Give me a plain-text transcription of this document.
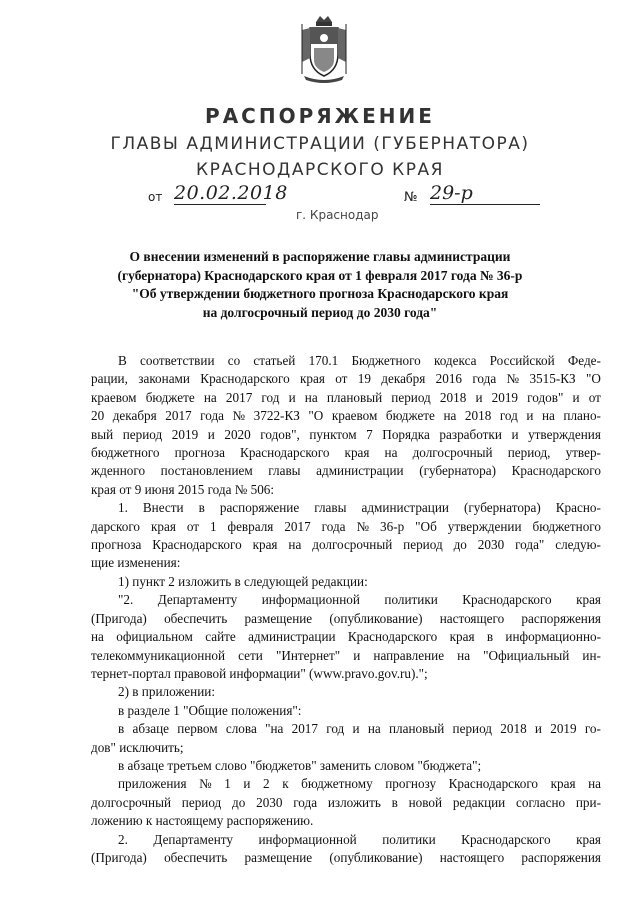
РАСПОРЯЖЕНИЕ
ГЛАВЫ АДМИНИСТРАЦИИ (ГУБЕРНАТОРА)
КРАСНОДАРСКОГО КРАЯ
от 20.02.2018	№ 29-р
г. Краснодар
О внесении изменений в распоряжение главы администрации
(губернатора) Краснодарского края от 1 февраля 2017 года № 36-р
"Об утверждении бюджетного прогноза Краснодарского края
на долгосрочный период до 2030 года"
В соответствии со статьей 170.1 Бюджетного кодекса Российской Феде-
рации, законами Краснодарского края от 19 декабря 2016 года № 3515-КЗ "О
краевом бюджете на 2017 год и на плановый период 2018 и 2019 годов" и от
20 декабря 2017 года № 3722-КЗ "О краевом бюджете на 2018 год и на плано-
вый период 2019 и 2020 годов", пунктом 7 Порядка разработки и утверждения
бюджетного прогноза Краснодарского края на долгосрочный период, утвер-
жденного постановлением главы администрации (губернатора) Краснодарского
края от 9 июня 2015 года № 506:
1. Внести в распоряжение главы администрации (губернатора) Красно-
дарского края от 1 февраля 2017 года № 36-р "Об утверждении бюджетного
прогноза Краснодарского края на долгосрочный период до 2030 года" следую-
щие изменения:
1) пункт 2 изложить в следующей редакции:
"2. Департаменту информационной политики Краснодарского края
(Пригода) обеспечить размещение (опубликование) настоящего распоряжения
на официальном сайте администрации Краснодарского края в информационно-
телекоммуникационной сети "Интернет" и направление на "Официальный ин-
тернет-портал правовой информации" (www.pravo.gov.ru).";
2) в приложении:
в разделе 1 "Общие положения":
в абзаце первом слова "на 2017 год и на плановый период 2018 и 2019 го-
дов" исключить;
в абзаце третьем слово "бюджетов" заменить словом "бюджета";
приложения № 1 и 2 к бюджетному прогнозу Краснодарского края на
долгосрочный период до 2030 года изложить в новой редакции согласно при-
ложению к настоящему распоряжению.
2. Департаменту информационной политики Краснодарского края
(Пригода) обеспечить размещение (опубликование) настоящего распоряжения
